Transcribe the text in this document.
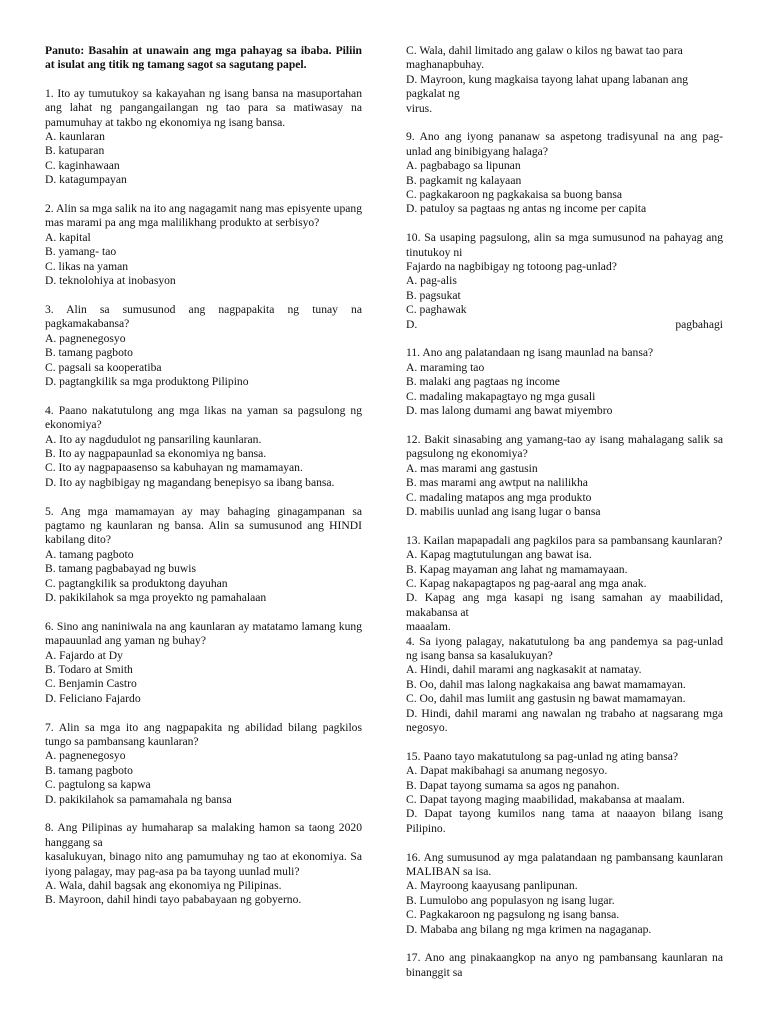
Panuto: Basahin at unawain ang mga pahayag sa ibaba. Piliin at isulat ang titik ng tamang sagot sa sagutang papel.
1. Ito ay tumutukoy sa kakayahan ng isang bansa na masuportahan ang lahat ng pangangailangan ng tao para sa matiwasay na pamumuhay at takbo ng ekonomiya ng isang bansa.
A. kaunlaran
B. katuparan
C. kaginhawaan
D. katagumpayan
2. Alin sa mga salik na ito ang nagagamit nang mas episyente upang mas marami pa ang mga malilikhang produkto at serbisyo?
A. kapital
B. yamang- tao
C. likas na yaman
D. teknolohiya at inobasyon
3. Alin sa sumusunod ang nagpapakita ng tunay na pagkamakabansa?
A. pagnenegosyo
B. tamang pagboto
C. pagsali sa kooperatiba
D. pagtangkilik sa mga produktong Pilipino
4. Paano nakatutulong ang mga likas na yaman sa pagsulong ng ekonomiya?
A. Ito ay nagdudulot ng pansariling kaunlaran.
B. Ito ay nagpapaunlad sa ekonomiya ng bansa.
C. Ito ay nagpapaasenso sa kabuhayan ng mamamayan.
D. Ito ay nagbibigay ng magandang benepisyo sa ibang bansa.
5. Ang mga mamamayan ay may bahaging ginagampanan sa pagtamo ng kaunlaran ng bansa. Alin sa sumusunod ang HINDI kabilang dito?
A. tamang pagboto
B. tamang pagbabayad ng buwis
C. pagtangkilik sa produktong dayuhan
D. pakikilahok sa mga proyekto ng pamahalaan
6. Sino ang naniniwala na ang kaunlaran ay matatamo lamang kung mapauunlad ang yaman ng buhay?
A. Fajardo at Dy
B. Todaro at Smith
C. Benjamin Castro
D. Feliciano Fajardo
7. Alin sa mga ito ang nagpapakita ng abilidad bilang pagkilos tungo sa pambansang kaunlaran?
A. pagnenegosyo
B. tamang pagboto
C. pagtulong sa kapwa
D. pakikilahok sa pamamahala ng bansa
8. Ang Pilipinas ay humaharap sa malaking hamon sa taong 2020 hanggang sa
kasalukuyan, binago nito ang pamumuhay ng tao at ekonomiya. Sa iyong palagay, may pag-asa pa ba tayong uunlad muli?
A. Wala, dahil bagsak ang ekonomiya ng Pilipinas.
B. Mayroon, dahil hindi tayo pababayaan ng gobyerno.
C. Wala, dahil limitado ang galaw o kilos ng bawat tao para maghanapbuhay.
D. Mayroon, kung magkaisa tayong lahat upang labanan ang pagkalat ng
virus.
9. Ano ang iyong pananaw sa aspetong tradisyunal na ang pag-unlad ang binibigyang halaga?
A. pagbabago sa lipunan
B. pagkamit ng kalayaan
C. pagkakaroon ng pagkakaisa sa buong bansa
D. patuloy sa pagtaas ng antas ng income per capita
10. Sa usaping pagsulong, alin sa mga sumusunod na pahayag ang tinutukoy ni
Fajardo na nagbibigay ng totoong pag-unlad?
A. pag-alis
B. pagsukat
C. paghawak
D.	pagbahagi
11. Ano ang palatandaan ng isang maunlad na bansa?
A. maraming tao
B. malaki ang pagtaas ng income
C. madaling makapagtayo ng mga gusali
D. mas lalong dumami ang bawat miyembro
12. Bakit sinasabing ang yamang-tao ay isang mahalagang salik sa pagsulong ng ekonomiya?
A. mas marami ang gastusin
B. mas marami ang awtput na nalilikha
C. madaling matapos ang mga produkto
D. mabilis uunlad ang isang lugar o bansa
13. Kailan mapapadali ang pagkilos para sa pambansang kaunlaran?
A. Kapag magtutulungan ang bawat isa.
B. Kapag mayaman ang lahat ng mamamayaan.
C. Kapag nakapagtapos ng pag-aaral ang mga anak.
D. Kapag ang mga kasapi ng isang samahan ay maabilidad, makabansa at
maaalam.
4. Sa iyong palagay, nakatutulong ba ang pandemya sa pag-unlad ng isang bansa sa kasalukuyan?
A. Hindi, dahil marami ang nagkasakit at namatay.
B. Oo, dahil mas lalong nagkakaisa ang bawat mamamayan.
C. Oo, dahil mas lumiit ang gastusin ng bawat mamamayan.
D. Hindi, dahil marami ang nawalan ng trabaho at nagsarang mga negosyo.
15. Paano tayo makatutulong sa pag-unlad ng ating bansa?
A. Dapat makibahagi sa anumang negosyo.
B. Dapat tayong sumama sa agos ng panahon.
C. Dapat tayong maging maabilidad, makabansa at maalam.
D. Dapat tayong kumilos nang tama at naaayon bilang isang Pilipino.
16. Ang sumusunod ay mga palatandaan ng pambansang kaunlaran MALIBAN sa isa.
A. Mayroong kaayusang panlipunan.
B. Lumulobo ang populasyon ng isang lugar.
C. Pagkakaroon ng pagsulong ng isang bansa.
D. Mababa ang bilang ng mga krimen na nagaganap.
17. Ano ang pinakaangkop na anyo ng pambansang kaunlaran na binanggit sa
